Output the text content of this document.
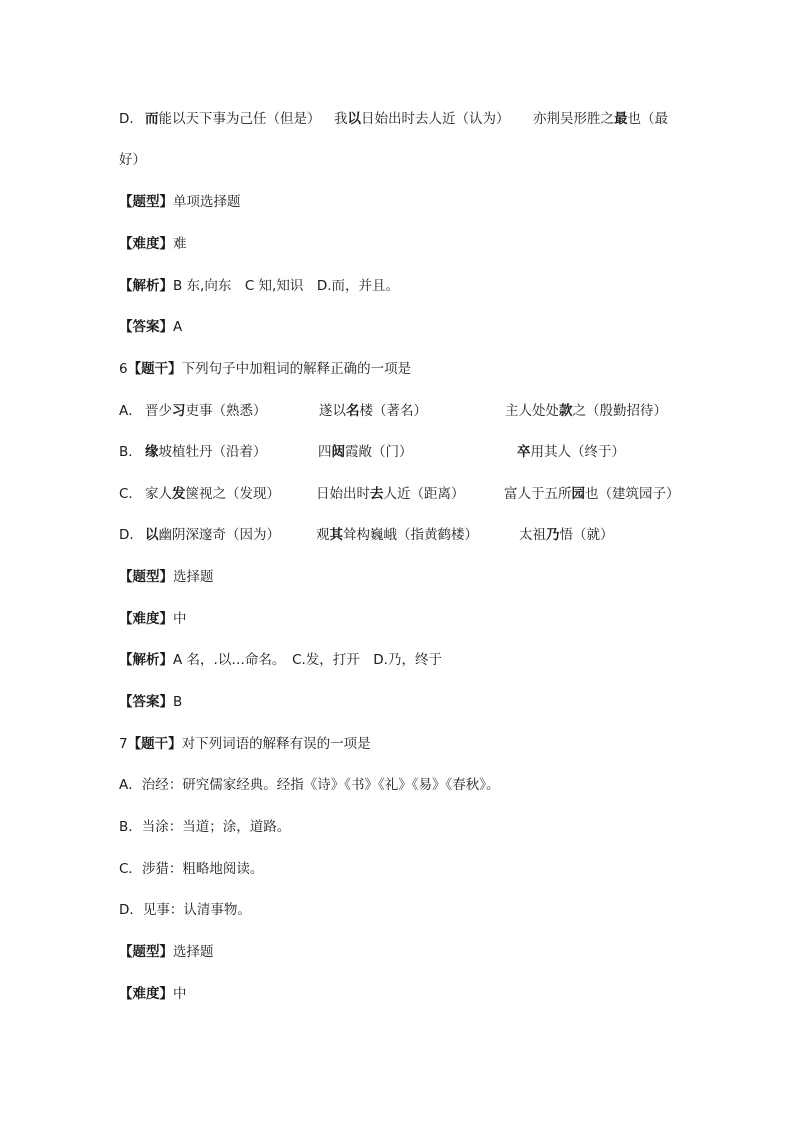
D． 而能以天下事为己任（但是） 我以日始出时去人近（认为） 亦荆吴形胜之最也（最
好）
【题型】单项选择题
【难度】难
【解析】B 东,向东　C 知,知识　D.而，并且。
【答案】A
6【题干】下列句子中加粗词的解释正确的一项是
A． 晋少习吏事（熟悉）	遂以名楼（著名）	主人处处款之（殷勤招待）
B． 缘坡植牡丹（沿着）	四闼霞敞（门）	卒用其人（终于）
C． 家人发箧视之（发现）	日始出时去人近（距离）	富人于五所园也（建筑园子）
D． 以幽阴深邃奇（因为）	观其耸构巍峨（指黄鹤楼）	太祖乃悟（就）
【题型】选择题
【难度】中
【解析】A 名，.以…命名。　C.发，打开　D.乃，终于
【答案】B
7【题干】对下列词语的解释有误的一项是
A．治经：研究儒家经典。经指《诗》《书》《礼》《易》《春秋》。
B．当涂：当道；涂，道路。
C．涉猎：粗略地阅读。
D．见事：认清事物。
【题型】选择题
【难度】中
